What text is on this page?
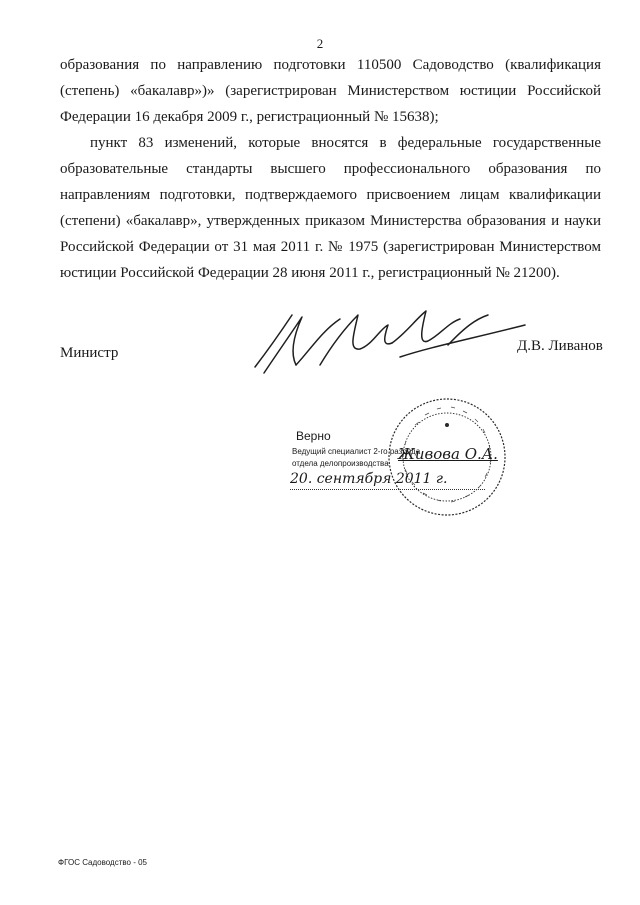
2

образования по направлению подготовки 110500 Садоводство (квалификация (степень) «бакалавр»)» (зарегистрирован Министерством юстиции Российской Федерации 16 декабря 2009 г., регистрационный № 15638);

пункт 83 изменений, которые вносятся в федеральные государственные образовательные стандарты высшего профессионального образования по направлениям подготовки, подтверждаемого присвоением лицам квалификации (степени) «бакалавр», утвержденных приказом Министерства образования и науки Российской Федерации от 31 мая 2011 г. № 1975 (зарегистрирован Министерством юстиции Российской Федерации 28 июня 2011 г., регистрационный № 21200).

Министр	Д.В. Ливанов
Верно
Ведущий специалист 2-го разряда
отдела делопроизводства
Живова О.А.
20. сентября 2011 г.
ФГОС Садоводство - 05
